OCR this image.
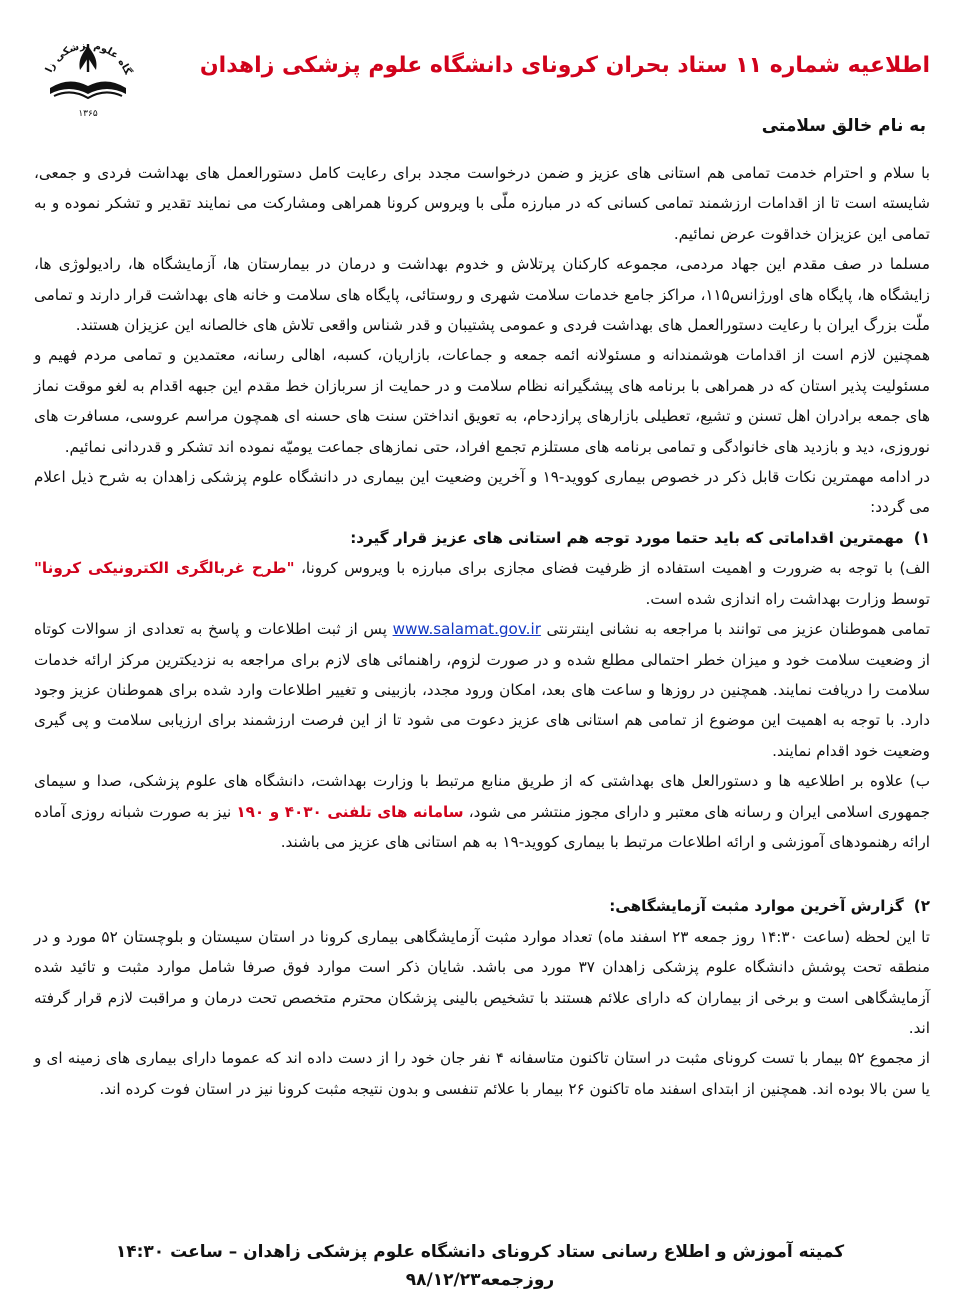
گاه علوم زشکی زا
۱۳۶۵
اطلاعیه شماره ۱۱ ستاد بحران کرونای دانشگاه علوم پزشکی زاهدان

به نام خالق سلامتی

با سلام و احترام خدمت تمامی هم استانی های عزیز و ضمن درخواست مجدد برای رعایت کامل دستورالعمل های بهداشت فردی و جمعی، شایسته است تا از اقدامات ارزشمند تمامی کسانی که در مبارزه ملّی با ویروس کرونا همراهی ومشارکت می نمایند تقدیر و تشکر نموده و به تمامی این عزیزان خداقوت عرض نمائیم.

مسلما در صف مقدم این جهاد مردمی، مجموعه کارکنان پرتلاش و خدوم بهداشت و درمان در بیمارستان ها، آزمایشگاه ها، رادیولوژی ها، زایشگاه ها، پایگاه های اورژانس۱۱۵، مراکز جامع خدمات سلامت شهری و روستائی، پایگاه های سلامت و خانه های بهداشت قرار دارند و تمامی ملّت بزرگ ایران با رعایت دستورالعمل های بهداشت فردی و عمومی پشتیبان و قدر شناس واقعی تلاش های خالصانه این عزیزان هستند.

همچنین لازم است از اقدامات هوشمندانه و مسئولانه ائمه جمعه و جماعات، بازاریان، کسبه، اهالی رسانه، معتمدین و تمامی مردم فهیم و مسئولیت پذیر استان که در همراهی با برنامه های پیشگیرانه نظام سلامت و در حمایت از سربازان خط مقدم این جبهه اقدام به لغو موقت نماز های جمعه برادران اهل تسنن و تشیع، تعطیلی بازارهای پرازدحام، به تعویق انداختن سنت های حسنه ای همچون مراسم عروسی، مسافرت های نوروزی، دید و بازدید های خانوادگی و تمامی برنامه های مستلزم تجمع افراد، حتی نمازهای جماعت یومیّه نموده اند تشکر و قدردانی نمائیم.

در ادامه مهمترین نکات قابل ذکر در خصوص بیماری کووید-۱۹ و آخرین وضعیت این بیماری در دانشگاه علوم پزشکی زاهدان به شرح ذیل اعلام می گردد:

۱)
مهمترین اقداماتی که باید حتما مورد توجه هم استانی های عزیز قرار گیرد:

الف) با توجه به ضرورت و اهمیت استفاده از ظرفیت فضای مجازی برای مبارزه با ویروس کرونا، "طرح غربالگری الکترونیکی کرونا" توسط وزارت بهداشت راه اندازی شده است.

تمامی هموطنان عزیز می توانند با مراجعه به نشانی اینترنتی www.salamat.gov.ir پس از ثبت اطلاعات و پاسخ به تعدادی از سوالات کوتاه از وضعیت سلامت خود و میزان خطر احتمالی مطلع شده و در صورت لزوم، راهنمائی های لازم برای مراجعه به نزدیکترین مرکز ارائه خدمات سلامت را دریافت نمایند. همچنین در روزها و ساعت های بعد، امکان ورود مجدد، بازبینی و تغییر اطلاعات وارد شده برای هموطنان عزیز وجود دارد. با توجه به اهمیت این موضوع از تمامی هم استانی های عزیز دعوت می شود تا از این فرصت ارزشمند برای ارزیابی سلامت و پی گیری وضعیت خود اقدام نمایند.

ب) علاوه بر اطلاعیه ها و دستورالعل های بهداشتی که از طریق منابع مرتبط با وزارت بهداشت، دانشگاه های علوم پزشکی، صدا و سیمای جمهوری اسلامی ایران و رسانه های معتبر و دارای مجوز منتشر می شود، سامانه های تلفنی ۴۰۳۰ و ۱۹۰ نیز به صورت شبانه روزی آماده ارائه رهنمودهای آموزشی و ارائه اطلاعات مرتبط با بیماری کووید-۱۹ به هم استانی های عزیز می باشند.

۲)
گزارش آخرین موارد مثبت آزمایشگاهی:

تا این لحظه (ساعت ۱۴:۳۰ روز جمعه ۲۳ اسفند ماه) تعداد موارد مثبت آزمایشگاهی بیماری کرونا در استان سیستان و بلوچستان ۵۲ مورد و در منطقه تحت پوشش دانشگاه علوم پزشکی زاهدان ۳۷ مورد می باشد. شایان ذکر است موارد فوق صرفا شامل موارد مثبت و تائید شده آزمایشگاهی است و برخی از بیماران که دارای علائم هستند با تشخیص بالینی پزشکان محترم متخصص تحت درمان و مراقبت لازم قرار گرفته اند.

از مجموع ۵۲ بیمار با تست کرونای مثبت در استان تاکنون متاسفانه ۴ نفر جان خود را از دست داده اند که عموما دارای بیماری های زمینه ای و یا سن بالا بوده اند. همچنین از ابتدای اسفند ماه تاکنون ۲۶ بیمار با علائم تنفسی و بدون نتیجه مثبت کرونا نیز در استان فوت کرده اند.

کمیته آموزش و اطلاع رسانی ستاد کرونای دانشگاه علوم پزشکی زاهدان – ساعت ۱۴:۳۰ روزجمعه۹۸/۱۲/۲۳
